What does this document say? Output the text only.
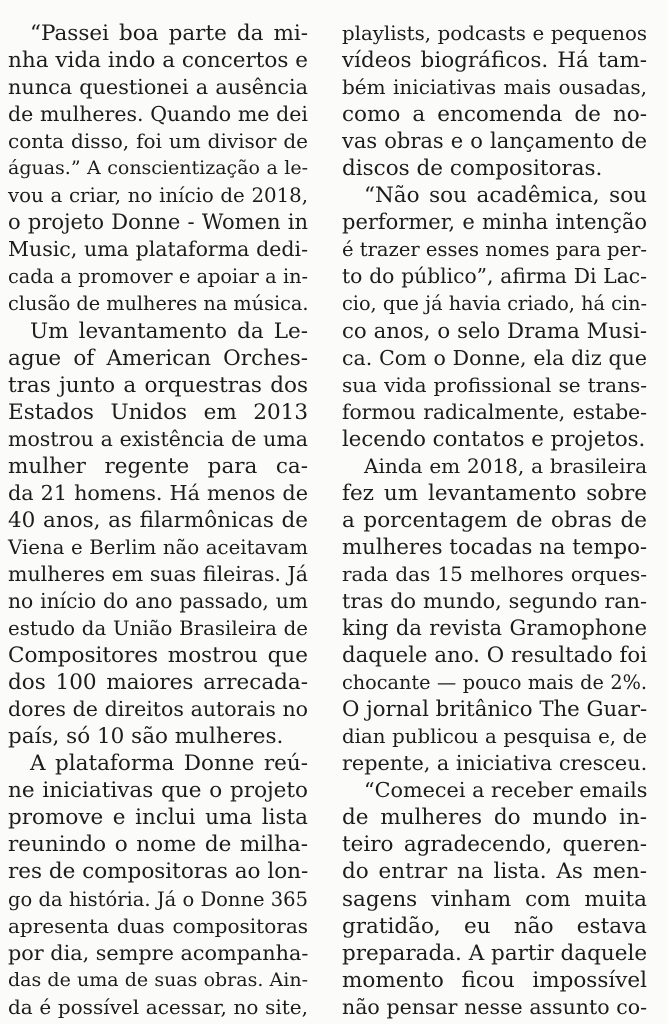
“Passei boa parte da mi-
nha vida indo a concertos e
nunca questionei a ausência
de mulheres. Quando me dei
conta disso, foi um divisor de
águas.” A conscientização a le-
vou a criar, no início de 2018,
o projeto Donne - Women in
Music, uma plataforma dedi-
cada a promover e apoiar a in-
clusão de mulheres na música.
Um levantamento da Le-
ague of American Orches-
tras junto a orquestras dos
Estados Unidos em 2013
mostrou a existência de uma
mulher regente para ca-
da 21 homens. Há menos de
40 anos, as filarmônicas de
Viena e Berlim não aceitavam
mulheres em suas fileiras. Já
no início do ano passado, um
estudo da União Brasileira de
Compositores mostrou que
dos 100 maiores arrecada-
dores de direitos autorais no
país, só 10 são mulheres.
A plataforma Donne reú-
ne iniciativas que o projeto
promove e inclui uma lista
reunindo o nome de milha-
res de compositoras ao lon-
go da história. Já o Donne 365
apresenta duas compositoras
por dia, sempre acompanha-
das de uma de suas obras. Ain-
da é possível acessar, no site,
playlists, podcasts e pequenos
vídeos biográficos. Há tam-
bém iniciativas mais ousadas,
como a encomenda de no-
vas obras e o lançamento de
discos de compositoras.
“Não sou acadêmica, sou
performer, e minha intenção
é trazer esses nomes para per-
to do público”, afirma Di Lac-
cio, que já havia criado, há cin-
co anos, o selo Drama Musi-
ca. Com o Donne, ela diz que
sua vida profissional se trans-
formou radicalmente, estabe-
lecendo contatos e projetos.
Ainda em 2018, a brasileira
fez um levantamento sobre
a porcentagem de obras de
mulheres tocadas na tempo-
rada das 15 melhores orques-
tras do mundo, segundo ran-
king da revista Gramophone
daquele ano. O resultado foi
chocante — pouco mais de 2%.
O jornal britânico The Guar-
dian publicou a pesquisa e, de
repente, a iniciativa cresceu.
“Comecei a receber emails
de mulheres do mundo in-
teiro agradecendo, queren-
do entrar na lista. As men-
sagens vinham com muita
gratidão, eu não estava
preparada. A partir daquele
momento ficou impossível
não pensar nesse assunto co-
